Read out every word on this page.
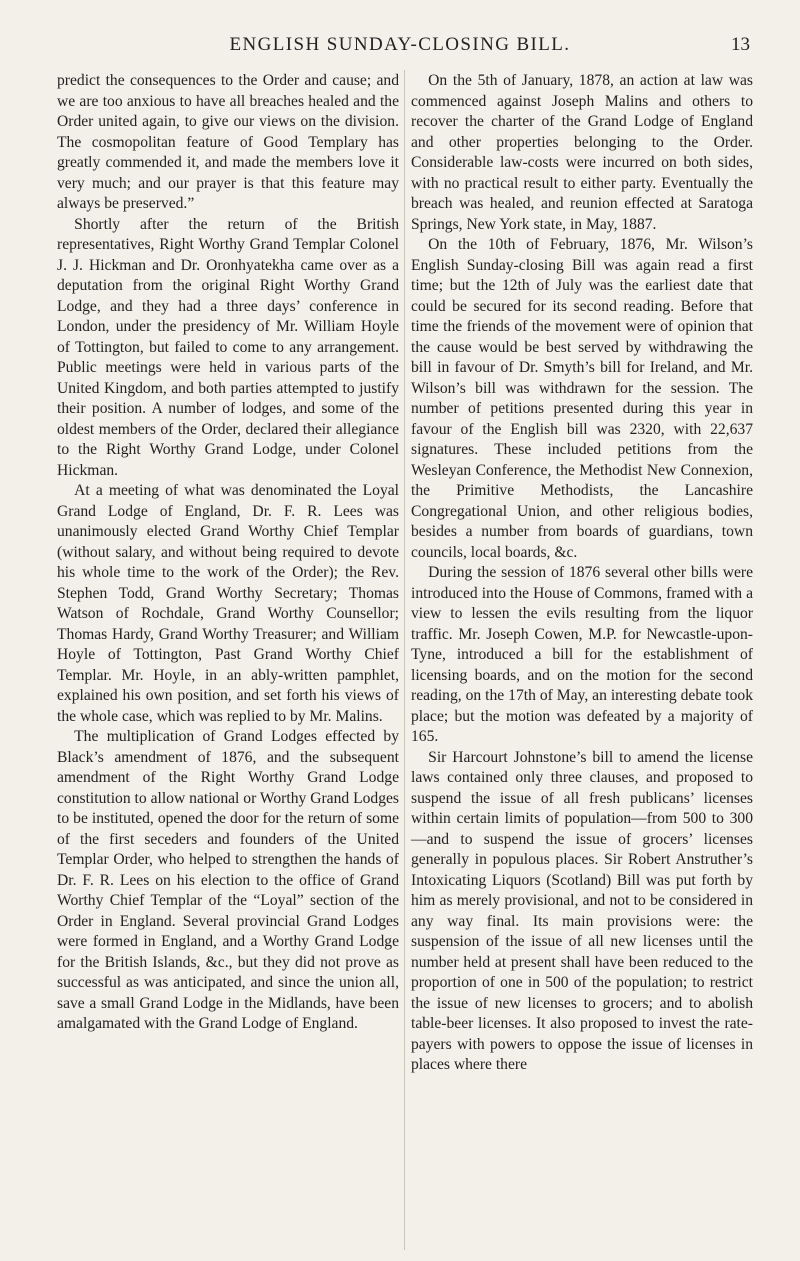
ENGLISH SUNDAY-CLOSING BILL.	13

predict the consequences to the Order and cause; and we are too anxious to have all breaches healed and the Order united again, to give our views on the division. The cosmopolitan feature of Good Templary has greatly commended it, and made the members love it very much; and our prayer is that this feature may always be preserved.”

Shortly after the return of the British representatives, Right Worthy Grand Templar Colonel J. J. Hickman and Dr. Oronhyatekha came over as a deputation from the original Right Worthy Grand Lodge, and they had a three days’ conference in London, under the presidency of Mr. William Hoyle of Tottington, but failed to come to any arrangement. Public meetings were held in various parts of the United Kingdom, and both parties attempted to justify their position. A number of lodges, and some of the oldest members of the Order, declared their allegiance to the Right Worthy Grand Lodge, under Colonel Hickman.

At a meeting of what was denominated the Loyal Grand Lodge of England, Dr. F. R. Lees was unanimously elected Grand Worthy Chief Templar (without salary, and without being required to devote his whole time to the work of the Order); the Rev. Stephen Todd, Grand Worthy Secretary; Thomas Watson of Rochdale, Grand Worthy Counsellor; Thomas Hardy, Grand Worthy Treasurer; and William Hoyle of Tottington, Past Grand Worthy Chief Templar. Mr. Hoyle, in an ably-written pamphlet, explained his own position, and set forth his views of the whole case, which was replied to by Mr. Malins.

The multiplication of Grand Lodges effected by Black’s amendment of 1876, and the subsequent amendment of the Right Worthy Grand Lodge constitution to allow national or Worthy Grand Lodges to be instituted, opened the door for the return of some of the first seceders and founders of the United Templar Order, who helped to strengthen the hands of Dr. F. R. Lees on his election to the office of Grand Worthy Chief Templar of the “Loyal” section of the Order in England. Several provincial Grand Lodges were formed in England, and a Worthy Grand Lodge for the British Islands, &c., but they did not prove as successful as was anticipated, and since the union all, save a small Grand Lodge in the Midlands, have been amalgamated with the Grand Lodge of England.

On the 5th of January, 1878, an action at law was commenced against Joseph Malins and others to recover the charter of the Grand Lodge of England and other properties belonging to the Order. Considerable law-costs were incurred on both sides, with no practical result to either party. Eventually the breach was healed, and reunion effected at Saratoga Springs, New York state, in May, 1887.

On the 10th of February, 1876, Mr. Wilson’s English Sunday-closing Bill was again read a first time; but the 12th of July was the earliest date that could be secured for its second reading. Before that time the friends of the movement were of opinion that the cause would be best served by withdrawing the bill in favour of Dr. Smyth’s bill for Ireland, and Mr. Wilson’s bill was withdrawn for the session. The number of petitions presented during this year in favour of the English bill was 2320, with 22,637 signatures. These included petitions from the Wesleyan Conference, the Methodist New Connexion, the Primitive Methodists, the Lancashire Congregational Union, and other religious bodies, besides a number from boards of guardians, town councils, local boards, &c.

During the session of 1876 several other bills were introduced into the House of Commons, framed with a view to lessen the evils resulting from the liquor traffic. Mr. Joseph Cowen, M.P. for Newcastle-upon-Tyne, introduced a bill for the establishment of licensing boards, and on the motion for the second reading, on the 17th of May, an interesting debate took place; but the motion was defeated by a majority of 165.

Sir Harcourt Johnstone’s bill to amend the license laws contained only three clauses, and proposed to suspend the issue of all fresh publicans’ licenses within certain limits of population—from 500 to 300—and to suspend the issue of grocers’ licenses generally in populous places. Sir Robert Anstruther’s Intoxicating Liquors (Scotland) Bill was put forth by him as merely provisional, and not to be considered in any way final. Its main provisions were: the suspension of the issue of all new licenses until the number held at present shall have been reduced to the proportion of one in 500 of the population; to restrict the issue of new licenses to grocers; and to abolish table-beer licenses. It also proposed to invest the rate-payers with powers to oppose the issue of licenses in places where there
